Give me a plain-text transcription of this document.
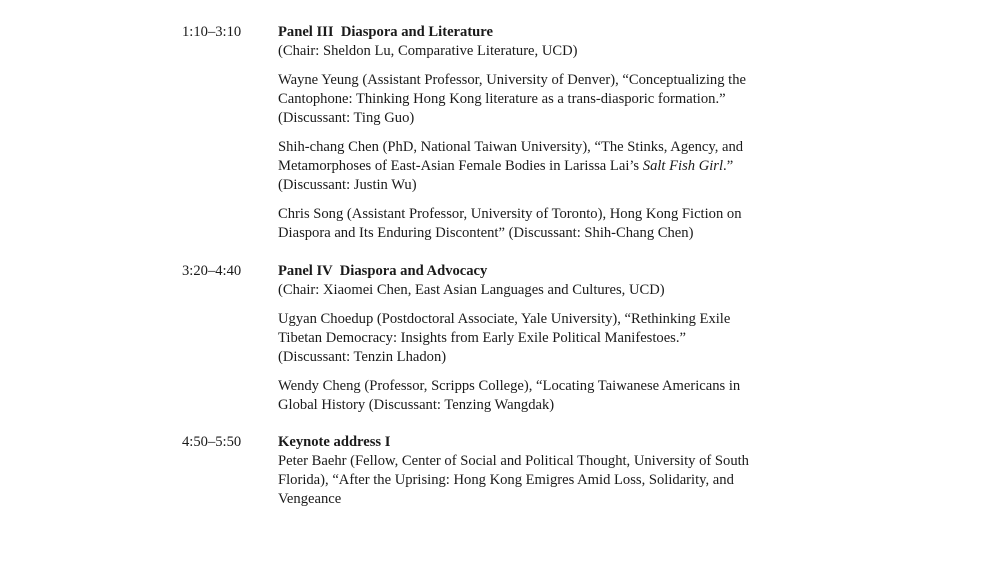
1:10–3:10	Panel III  Diaspora and Literature
(Chair: Sheldon Lu, Comparative Literature, UCD)

Wayne Yeung (Assistant Professor, University of Denver), “Conceptualizing the

Cantophone: Thinking Hong Kong literature as a trans-diasporic formation.”

(Discussant: Ting Guo)

Shih-chang Chen (PhD, National Taiwan University), “The Stinks, Agency, and

Metamorphoses of East-Asian Female Bodies in Larissa Lai’s Salt Fish Girl.”

(Discussant: Justin Wu)

Chris Song (Assistant Professor, University of Toronto), Hong Kong Fiction on

Diaspora and Its Enduring Discontent” (Discussant: Shih-Chang Chen)

3:20–4:40	Panel IV  Diaspora and Advocacy
(Chair: Xiaomei Chen, East Asian Languages and Cultures, UCD)

Ugyan Choedup (Postdoctoral Associate, Yale University), “Rethinking Exile

Tibetan Democracy: Insights from Early Exile Political Manifestoes.”

(Discussant: Tenzin Lhadon)

Wendy Cheng (Professor, Scripps College), “Locating Taiwanese Americans in

Global History (Discussant: Tenzing Wangdak)

4:50–5:50	Keynote address I

Peter Baehr (Fellow, Center of Social and Political Thought, University of South

Florida), “After the Uprising: Hong Kong Emigres Amid Loss, Solidarity, and

Vengeance
